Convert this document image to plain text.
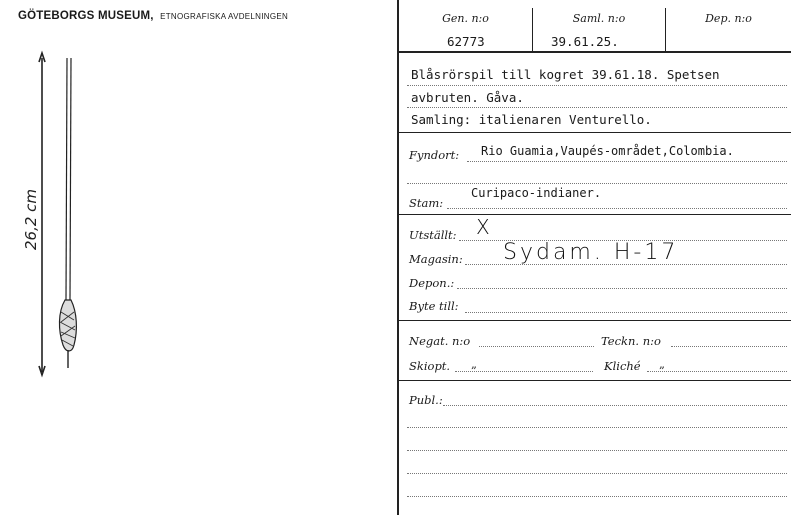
GÖTEBORGS MUSEUM, ETNOGRAFISKA AVDELNINGEN
26,2 cm
Gen. n:o
62773
Saml. n:o
39.61.25.
Dep. n:o
Blåsrörspil till kogret 39.61.18. Spetsen
avbruten. Gåva.
Samling: italienaren Venturello.
Fyndort: Rio Guamia,Vaupés-området,Colombia.
Curipaco-indianer.
Stam:
Utställt: X
Magasin: Sydam. H-17
Depon.:
Byte till:
Negat. n:o	Teckn. n:o
Skiopt. „	Kliché „
Publ.:
